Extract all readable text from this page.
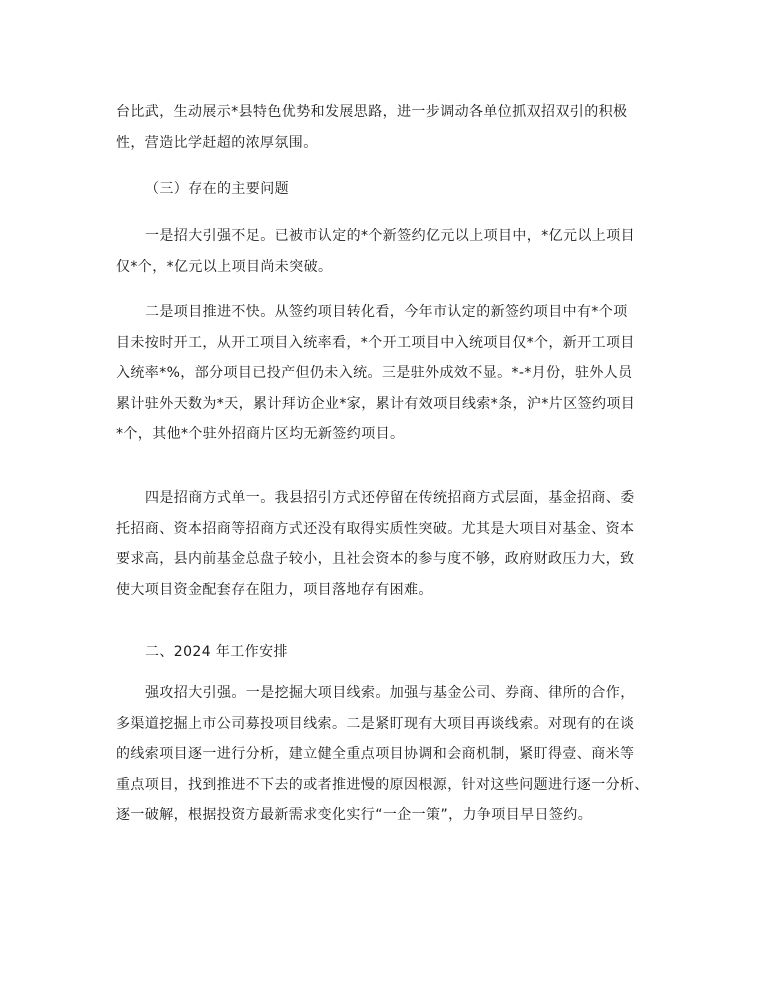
台比武，生动展示*县特色优势和发展思路，进一步调动各单位抓双招双引的积极
性，营造比学赶超的浓厚氛围。
（三）存在的主要问题
一是招大引强不足。已被市认定的*个新签约亿元以上项目中，*亿元以上项目
仅*个，*亿元以上项目尚未突破。
二是项目推进不快。从签约项目转化看，今年市认定的新签约项目中有*个项
目未按时开工，从开工项目入统率看，*个开工项目中入统项目仅*个，新开工项目
入统率*%，部分项目已投产但仍未入统。三是驻外成效不显。*-*月份，驻外人员
累计驻外天数为*天，累计拜访企业*家，累计有效项目线索*条，沪*片区签约项目
*个，其他*个驻外招商片区均无新签约项目。
四是招商方式单一。我县招引方式还停留在传统招商方式层面，基金招商、委
托招商、资本招商等招商方式还没有取得实质性突破。尤其是大项目对基金、资本
要求高，县内前基金总盘子较小，且社会资本的参与度不够，政府财政压力大，致
使大项目资金配套存在阻力，项目落地存有困难。
二、2024 年工作安排
强攻招大引强。一是挖掘大项目线索。加强与基金公司、券商、律所的合作，
多渠道挖掘上市公司募投项目线索。二是紧盯现有大项目再谈线索。对现有的在谈
的线索项目逐一进行分析，建立健全重点项目协调和会商机制，紧盯得壹、商米等
重点项目，找到推进不下去的或者推进慢的原因根源，针对这些问题进行逐一分析、
逐一破解，根据投资方最新需求变化实行“一企一策”，力争项目早日签约。
